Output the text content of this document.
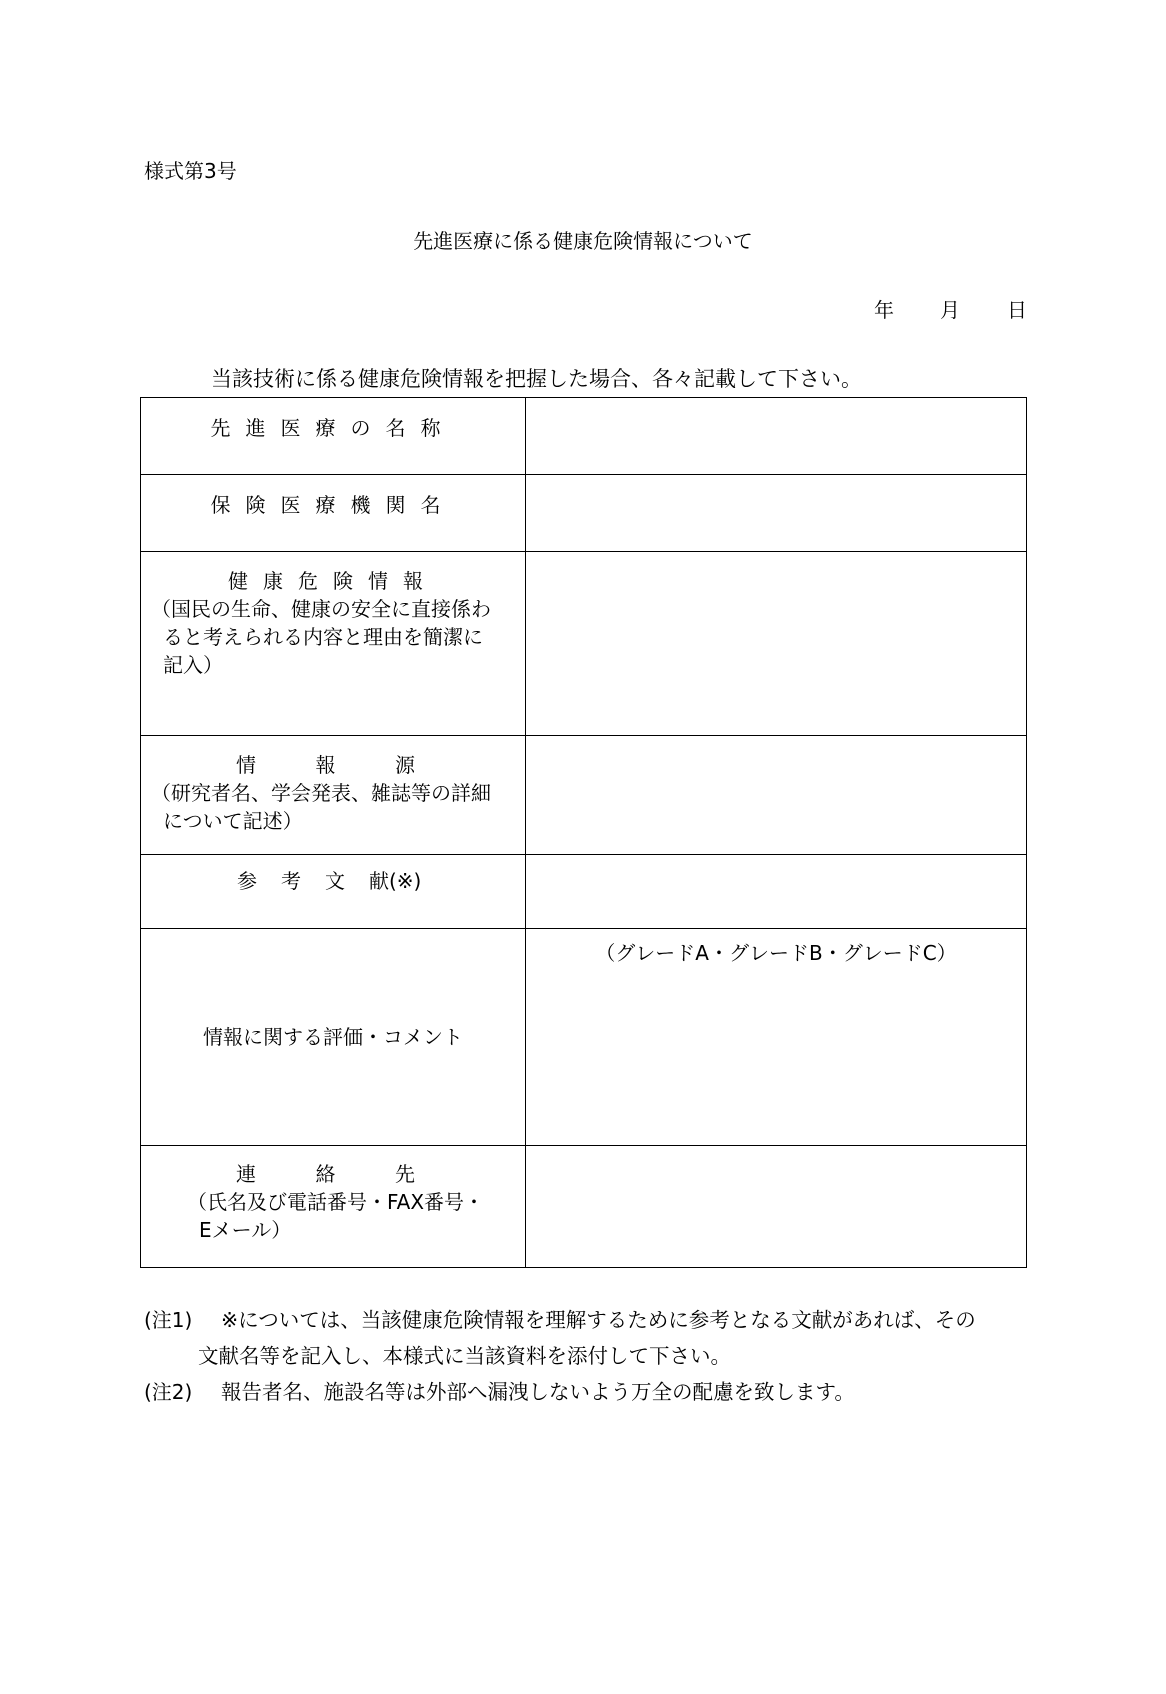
様式第3号
先進医療に係る健康危険情報について
年 月 日
当該技術に係る健康危険情報を把握した場合、各々記載して下さい。
先進医療の名称	

保険医療機関名	

健康危険情報
（国民の生命、健康の安全に直接係わ
ると考えられる内容と理由を簡潔に
記入）	

情 報 源
（研究者名、学会発表、雑誌等の詳細
について記述）	

参 考 文 献(※)	

情報に関する評価・コメント	（グレードA・グレードB・グレードC）

連 絡 先
（氏名及び電話番号・FAX番号・
Eメール）	

(注1) ※については、当該健康危険情報を理解するために参考となる文献があれば、その
文献名等を記入し、本様式に当該資料を添付して下さい。
(注2) 報告者名、施設名等は外部へ漏洩しないよう万全の配慮を致します。
